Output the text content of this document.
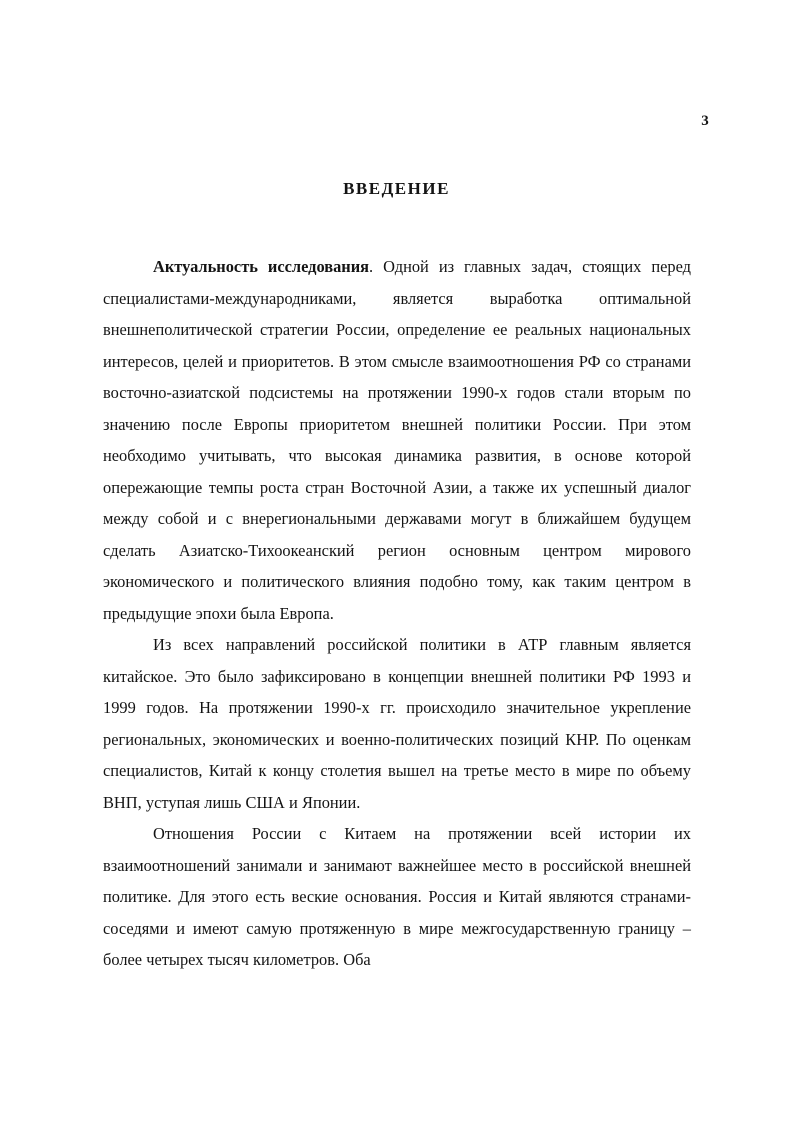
3
ВВЕДЕНИЕ

Актуальность исследования. Одной из главных задач, стоящих перед специалистами-международниками, является выработка оптимальной внешнеполитической стратегии России, определение ее реальных национальных интересов, целей и приоритетов. В этом смысле взаимоотношения РФ со странами восточно-азиатской подсистемы на протяжении 1990-х годов стали вторым по значению после Европы приоритетом внешней политики России. При этом необходимо учитывать, что высокая динамика развития, в основе которой опережающие темпы роста стран Восточной Азии, а также их успешный диалог между собой и с внерегиональными державами могут в ближайшем будущем сделать Азиатско-Тихоокеанский регион основным центром мирового экономического и политического влияния подобно тому, как таким центром в предыдущие эпохи была Европа.

Из всех направлений российской политики в АТР главным является китайское. Это было зафиксировано в концепции внешней политики РФ 1993 и 1999 годов. На протяжении 1990-х гг. происходило значительное укрепление региональных, экономических и военно-политических позиций КНР. По оценкам специалистов, Китай к концу столетия вышел на третье место в мире по объему ВНП, уступая лишь США и Японии.

Отношения России с Китаем на протяжении всей истории их взаимоотношений занимали и занимают важнейшее место в российской внешней политике. Для этого есть веские основания. Россия и Китай являются странами-соседями и имеют самую протяженную в мире межгосударственную границу – более четырех тысяч километров. Оба
